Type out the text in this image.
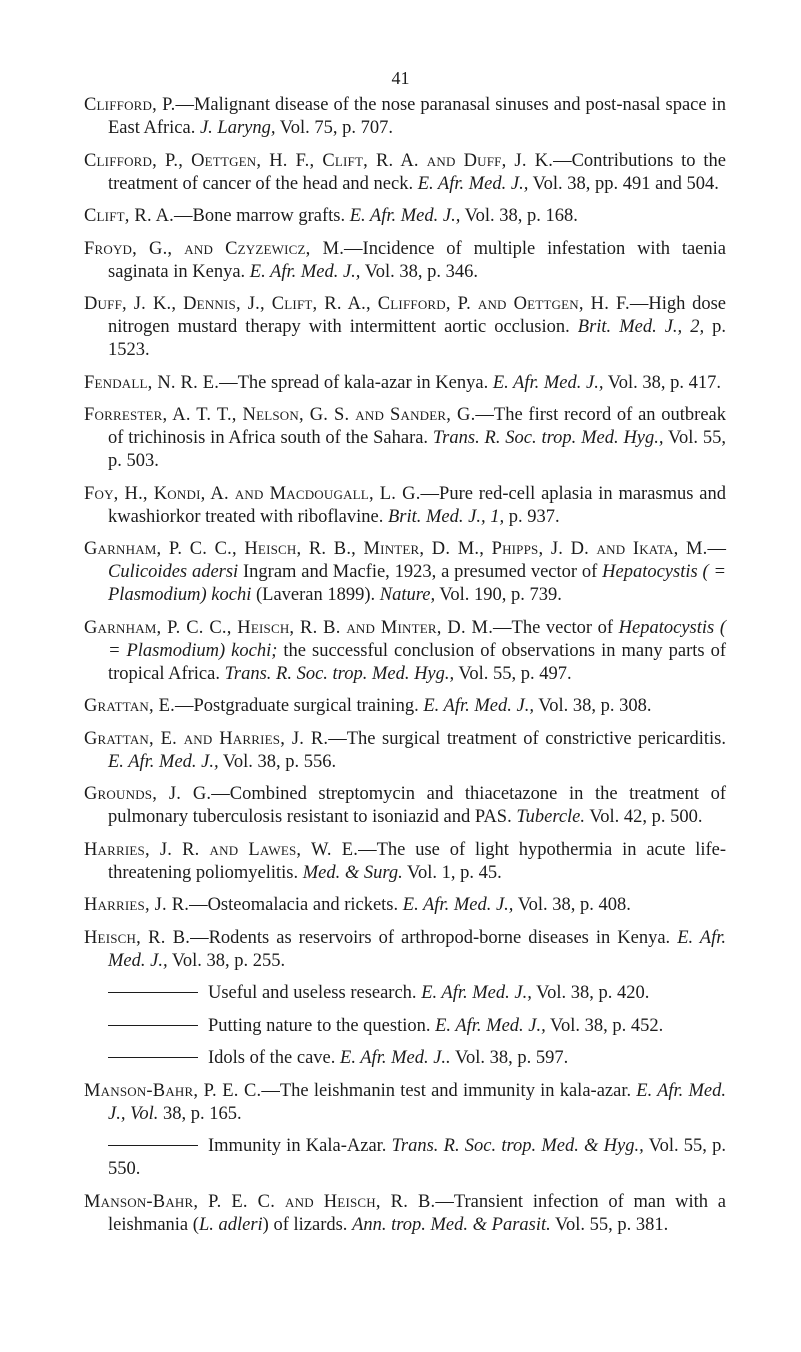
41

Clifford, P.—Malignant disease of the nose paranasal sinuses and post-nasal space in East Africa. J. Laryng, Vol. 75, p. 707.

Clifford, P., Oettgen, H. F., Clift, R. A. and Duff, J. K.—Contributions to the treatment of cancer of the head and neck. E. Afr. Med. J., Vol. 38, pp. 491 and 504.

Clift, R. A.—Bone marrow grafts. E. Afr. Med. J., Vol. 38, p. 168.

Froyd, G., and Czyzewicz, M.—Incidence of multiple infestation with taenia saginata in Kenya. E. Afr. Med. J., Vol. 38, p. 346.

Duff, J. K., Dennis, J., Clift, R. A., Clifford, P. and Oettgen, H. F.—High dose nitrogen mustard therapy with intermittent aortic occlusion. Brit. Med. J., 2, p. 1523.

Fendall, N. R. E.—The spread of kala-azar in Kenya. E. Afr. Med. J., Vol. 38, p. 417.

Forrester, A. T. T., Nelson, G. S. and Sander, G.—The first record of an outbreak of trichinosis in Africa south of the Sahara. Trans. R. Soc. trop. Med. Hyg., Vol. 55, p. 503.

Foy, H., Kondi, A. and Macdougall, L. G.—Pure red-cell aplasia in marasmus and kwashiorkor treated with riboflavine. Brit. Med. J., 1, p. 937.

Garnham, P. C. C., Heisch, R. B., Minter, D. M., Phipps, J. D. and Ikata, M.—Culicoides adersi Ingram and Macfie, 1923, a presumed vector of Hepatocystis ( = Plasmodium) kochi (Laveran 1899). Nature, Vol. 190, p. 739.

Garnham, P. C. C., Heisch, R. B. and Minter, D. M.—The vector of Hepatocystis ( = Plasmodium) kochi; the successful conclusion of observations in many parts of tropical Africa. Trans. R. Soc. trop. Med. Hyg., Vol. 55, p. 497.

Grattan, E.—Postgraduate surgical training. E. Afr. Med. J., Vol. 38, p. 308.

Grattan, E. and Harries, J. R.—The surgical treatment of constrictive pericarditis. E. Afr. Med. J., Vol. 38, p. 556.

Grounds, J. G.—Combined streptomycin and thiacetazone in the treatment of pulmonary tuberculosis resistant to isoniazid and PAS. Tubercle. Vol. 42, p. 500.

Harries, J. R. and Lawes, W. E.—The use of light hypothermia in acute life-threatening poliomyelitis. Med. & Surg. Vol. 1, p. 45.

Harries, J. R.—Osteomalacia and rickets. E. Afr. Med. J., Vol. 38, p. 408.

Heisch, R. B.—Rodents as reservoirs of arthropod-borne diseases in Kenya. E. Afr. Med. J., Vol. 38, p. 255.

Useful and useless research. E. Afr. Med. J., Vol. 38, p. 420.

Putting nature to the question. E. Afr. Med. J., Vol. 38, p. 452.

Idols of the cave. E. Afr. Med. J.. Vol. 38, p. 597.

Manson-Bahr, P. E. C.—The leishmanin test and immunity in kala-azar. E. Afr. Med. J., Vol. 38, p. 165.

Immunity in Kala-Azar. Trans. R. Soc. trop. Med. & Hyg., Vol. 55, p. 550.

Manson-Bahr, P. E. C. and Heisch, R. B.—Transient infection of man with a leishmania (L. adleri) of lizards. Ann. trop. Med. & Parasit. Vol. 55, p. 381.
